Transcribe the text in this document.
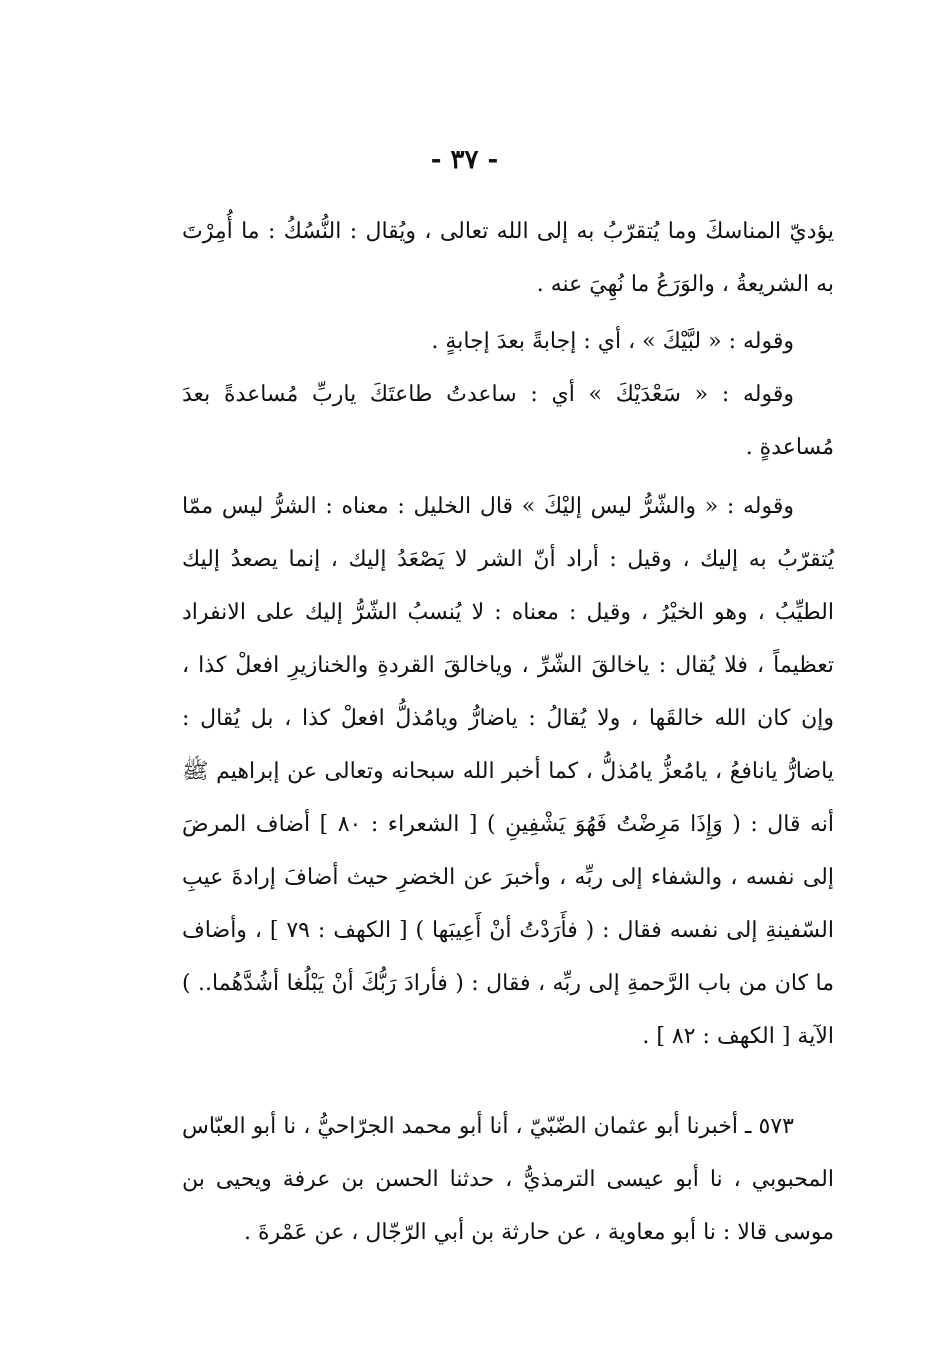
- ٣٧ -

يؤديّ المناسكَ وما يُتقرّبُ به إلى الله تعالى ، ويُقال : النُّسُكُ : ما أُمِرْتَ به الشريعةُ ، والوَرَعُ ما نُهِيَ عنه .

وقوله : « لبَّيْكَ » ، أي : إجابةً بعدَ إجابةٍ .

وقوله : « سَعْدَيْكَ » أي : ساعدتُ طاعتَكَ ياربِّ مُساعدةً بعدَ مُساعدةٍ .

وقوله : « والشّرُّ ليس إليْكَ » قال الخليل : معناه : الشرُّ ليس ممّا يُتقرّبُ به إليك ، وقيل : أراد أنّ الشر لا يَصْعَدُ إليك ، إنما يصعدُ إليك الطيِّبُ ، وهو الخيْرُ ، وقيل : معناه : لا يُنسبُ الشّرُّ إليك على الانفراد تعظيماً ، فلا يُقال : ياخالقَ الشّرِّ ، وياخالقَ القردةِ والخنازيرِ افعلْ كذا ، وإن كان الله خالقَها ، ولا يُقالُ : ياضارُّ ويامُذلُّ افعلْ كذا ، بل يُقال : ياضارُّ يانافعُ ، يامُعزُّ يامُذلُّ ، كما أخبر الله سبحانه وتعالى عن إبراهيم ﷺ أنه قال : ( وَإِذَا مَرِضْتُ فَهُوَ يَشْفِينِ ) [ الشعراء : ٨٠ ] أضاف المرضَ إلى نفسه ، والشفاء إلى ربِّه ، وأخبرَ عن الخضرِ حيث أضافَ إرادةَ عيبِ السّفينةِ إلى نفسه فقال : ( فأَرَدْتُ أنْ أَعِيبَها ) [ الكهف : ٧٩ ] ، وأضاف ما كان من باب الرَّحمةِ إلى ربِّه ، فقال : ( فأرادَ رَبُّكَ أنْ يَبْلُغا أشُدَّهُما.. ) الآية [ الكهف : ٨٢ ] .

٥٧٣ ـ أخبرنا أبو عثمان الضّبّيّ ، أنا أبو محمد الجرّاحيُّ ، نا أبو العبّاس المحبوبي ، نا أبو عيسى الترمذيُّ ، حدثنا الحسن بن عرفة ويحيى بن موسى قالا : نا أبو معاوية ، عن حارثة بن أبي الرّجّال ، عن عَمْرةَ .
